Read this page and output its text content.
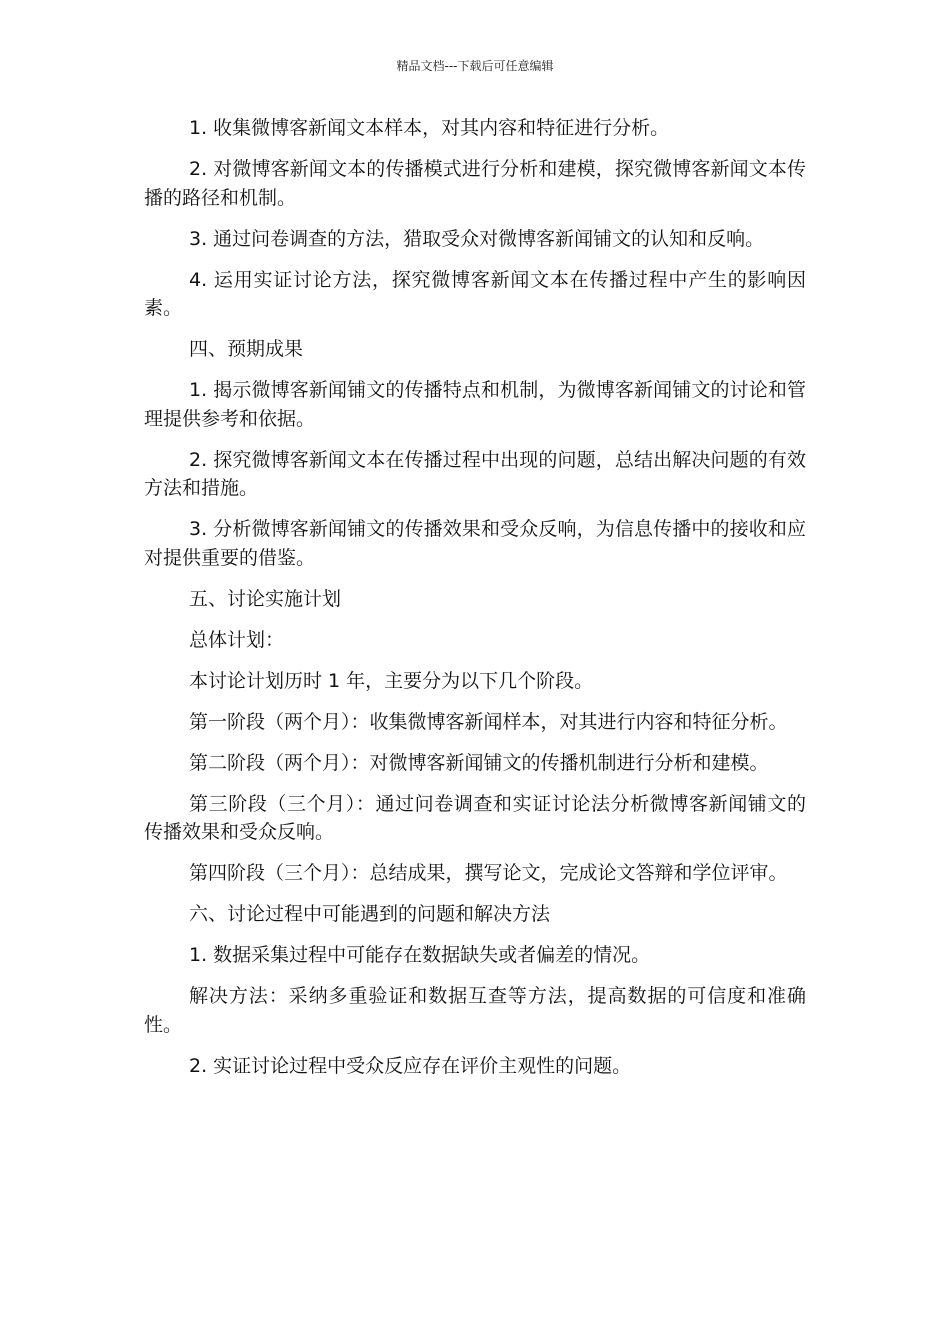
精品文档---下载后可任意编辑

1. 收集微博客新闻文本样本，对其内容和特征进行分析。

2. 对微博客新闻文本的传播模式进行分析和建模，探究微博客新闻文本传播的路径和机制。

3. 通过问卷调查的方法，猎取受众对微博客新闻铺文的认知和反响。

4. 运用实证讨论方法，探究微博客新闻文本在传播过程中产生的影响因素。

四、预期成果

1. 揭示微博客新闻铺文的传播特点和机制，为微博客新闻铺文的讨论和管理提供参考和依据。

2. 探究微博客新闻文本在传播过程中出现的问题，总结出解决问题的有效方法和措施。

3. 分析微博客新闻铺文的传播效果和受众反响，为信息传播中的接收和应对提供重要的借鉴。

五、讨论实施计划

总体计划：

本讨论计划历时 1 年，主要分为以下几个阶段。

第一阶段（两个月）：收集微博客新闻样本，对其进行内容和特征分析。

第二阶段（两个月）：对微博客新闻铺文的传播机制进行分析和建模。

第三阶段（三个月）：通过问卷调查和实证讨论法分析微博客新闻铺文的传播效果和受众反响。

第四阶段（三个月）：总结成果，撰写论文，完成论文答辩和学位评审。

六、讨论过程中可能遇到的问题和解决方法

1. 数据采集过程中可能存在数据缺失或者偏差的情况。

解决方法：采纳多重验证和数据互查等方法，提高数据的可信度和准确性。

2. 实证讨论过程中受众反应存在评价主观性的问题。
